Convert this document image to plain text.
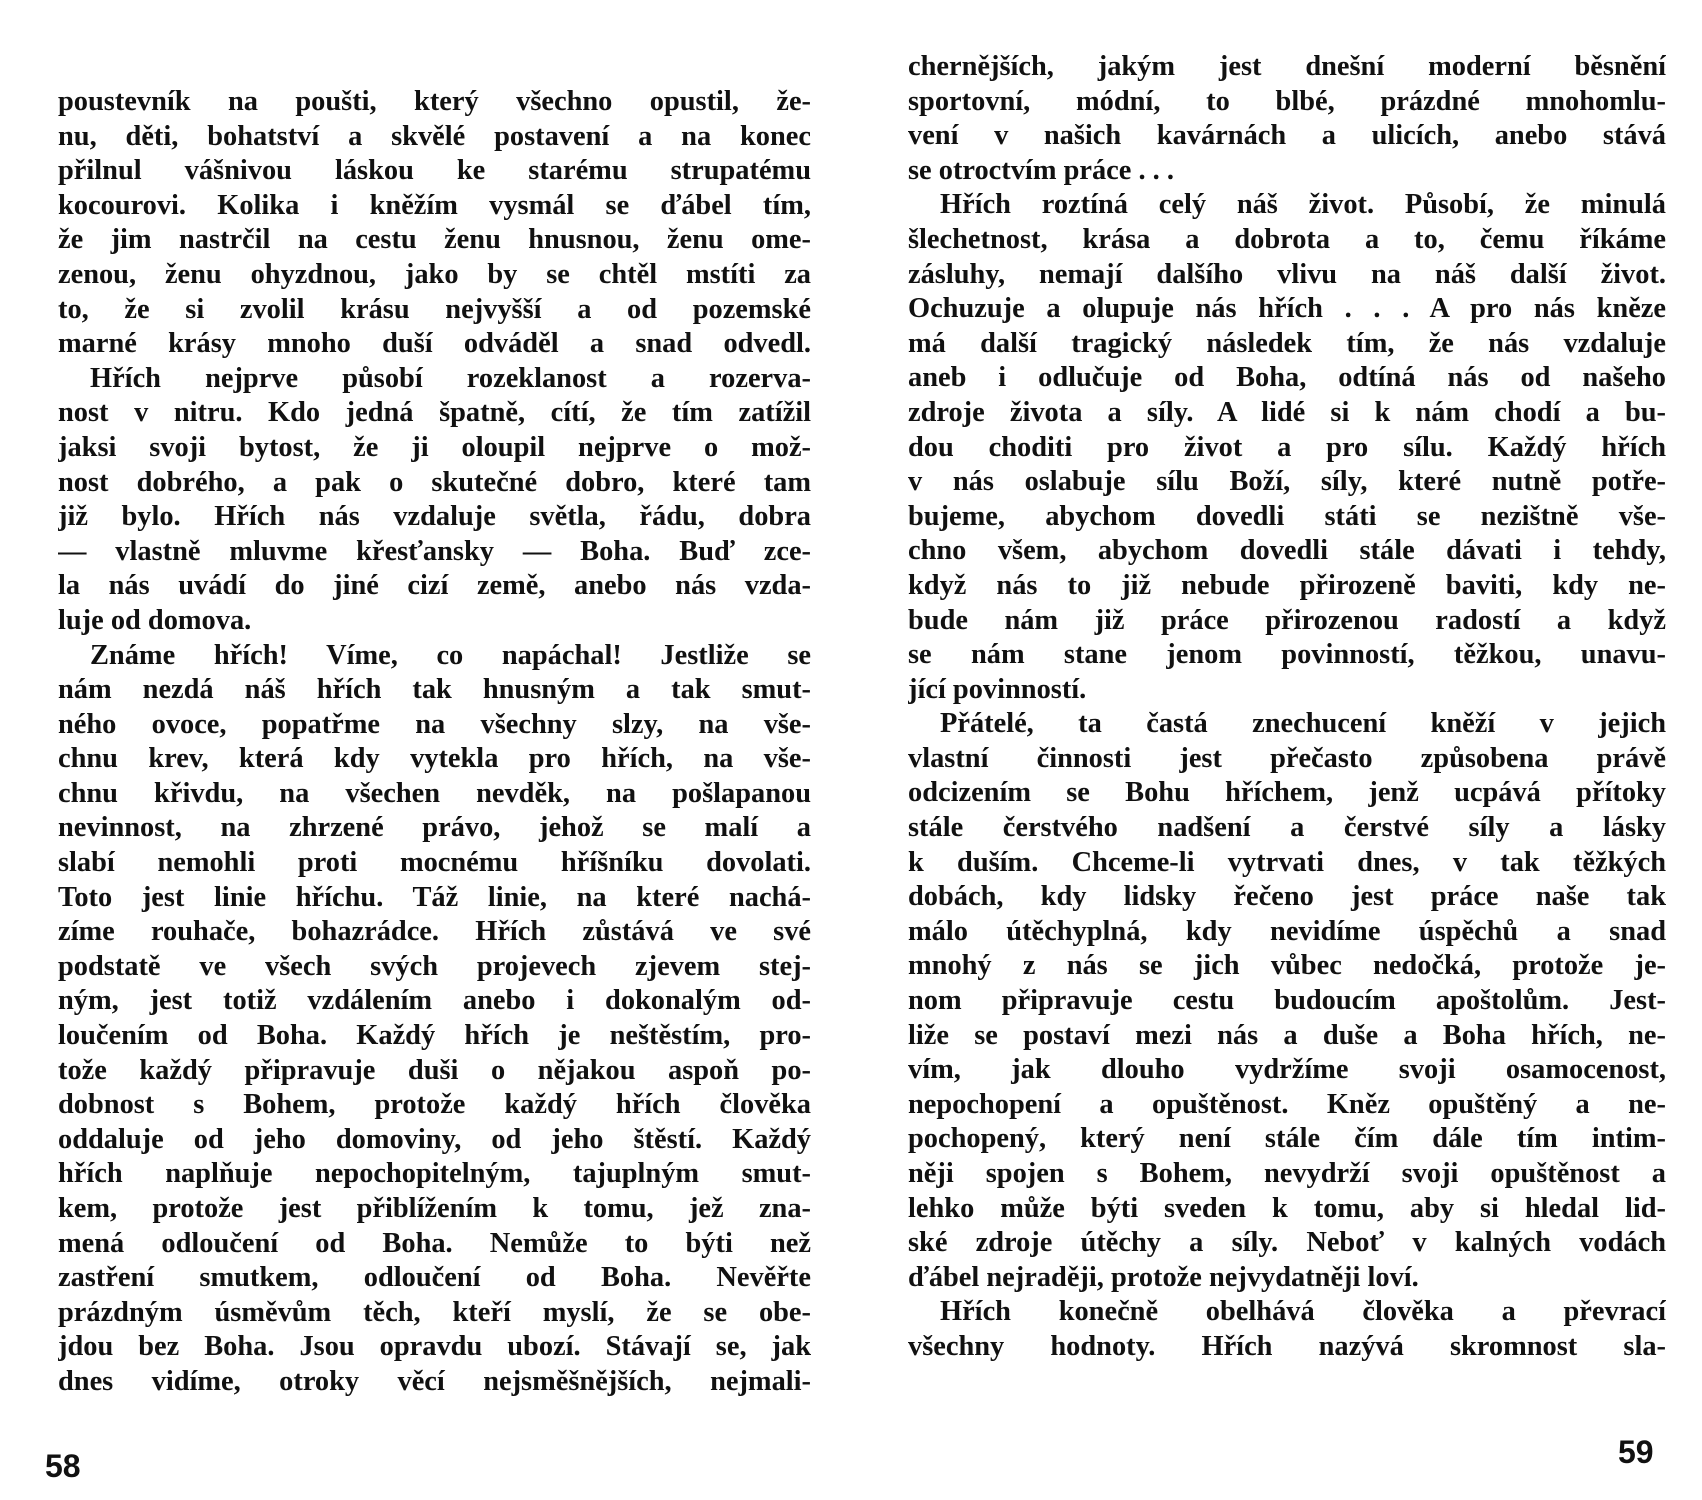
poustevník na poušti, který všechno opustil, že-
nu, děti, bohatství a skvělé postavení a na konec
přilnul vášnivou láskou ke starému strupatému
kocourovi. Kolika i kněžím vysmál se ďábel tím,
že jim nastrčil na cestu ženu hnusnou, ženu ome-
zenou, ženu ohyzdnou, jako by se chtěl mstíti za
to, že si zvolil krásu nejvyšší a od pozemské
marné krásy mnoho duší odváděl a snad odvedl.
Hřích nejprve působí rozeklanost a rozerva-
nost v nitru. Kdo jedná špatně, cítí, že tím zatížil
jaksi svoji bytost, že ji oloupil nejprve o mož-
nost dobrého, a pak o skutečné dobro, které tam
již bylo. Hřích nás vzdaluje světla, řádu, dobra
— vlastně mluvme křesťansky — Boha. Buď zce-
la nás uvádí do jiné cizí země, anebo nás vzda-
luje od domova.
Známe hřích! Víme, co napáchal! Jestliže se
nám nezdá náš hřích tak hnusným a tak smut-
ného ovoce, popatřme na všechny slzy, na vše-
chnu krev, která kdy vytekla pro hřích, na vše-
chnu křivdu, na všechen nevděk, na pošlapanou
nevinnost, na zhrzené právo, jehož se malí a
slabí nemohli proti mocnému hříšníku dovolati.
Toto jest linie hříchu. Táž linie, na které nachá-
zíme rouhače, bohazrádce. Hřích zůstává ve své
podstatě ve všech svých projevech zjevem stej-
ným, jest totiž vzdálením anebo i dokonalým od-
loučením od Boha. Každý hřích je neštěstím, pro-
tože každý připravuje duši o nějakou aspoň po-
dobnost s Bohem, protože každý hřích člověka
oddaluje od jeho domoviny, od jeho štěstí. Každý
hřích naplňuje nepochopitelným, tajuplným smut-
kem, protože jest přiblížením k tomu, jež zna-
mená odloučení od Boha. Nemůže to býti než
zastření smutkem, odloučení od Boha. Nevěřte
prázdným úsměvům těch, kteří myslí, že se obe-
jdou bez Boha. Jsou opravdu ubozí. Stávají se, jak
dnes vidíme, otroky věcí nejsměšnějších, nejmali-
58
chernějších, jakým jest dnešní moderní běsnění
sportovní, módní, to blbé, prázdné mnohomlu-
vení v našich kavárnách a ulicích, anebo stává
se otroctvím práce . . .
Hřích roztíná celý náš život. Působí, že minulá
šlechetnost, krása a dobrota a to, čemu říkáme
zásluhy, nemají dalšího vlivu na náš další život.
Ochuzuje a olupuje nás hřích . . . A pro nás kněze
má další tragický následek tím, že nás vzdaluje
aneb i odlučuje od Boha, odtíná nás od našeho
zdroje života a síly. A lidé si k nám chodí a bu-
dou choditi pro život a pro sílu. Každý hřích
v nás oslabuje sílu Boží, síly, které nutně potře-
bujeme, abychom dovedli státi se nezištně vše-
chno všem, abychom dovedli stále dávati i tehdy,
když nás to již nebude přirozeně baviti, kdy ne-
bude nám již práce přirozenou radostí a když
se nám stane jenom povinností, těžkou, unavu-
jící povinností.
Přátelé, ta častá znechucení kněží v jejich
vlastní činnosti jest přečasto způsobena právě
odcizením se Bohu hříchem, jenž ucpává přítoky
stále čerstvého nadšení a čerstvé síly a lásky
k duším. Chceme-li vytrvati dnes, v tak těžkých
dobách, kdy lidsky řečeno jest práce naše tak
málo útěchyplná, kdy nevidíme úspěchů a snad
mnohý z nás se jich vůbec nedočká, protože je-
nom připravuje cestu budoucím apoštolům. Jest-
liže se postaví mezi nás a duše a Boha hřích, ne-
vím, jak dlouho vydržíme svoji osamocenost,
nepochopení a opuštěnost. Kněz opuštěný a ne-
pochopený, který není stále čím dále tím intim-
něji spojen s Bohem, nevydrží svoji opuštěnost a
lehko může býti sveden k tomu, aby si hledal lid-
ské zdroje útěchy a síly. Neboť v kalných vodách
ďábel nejraději, protože nejvydatněji loví.
Hřích konečně obelhává člověka a převrací
všechny hodnoty. Hřích nazývá skromnost sla-
59
